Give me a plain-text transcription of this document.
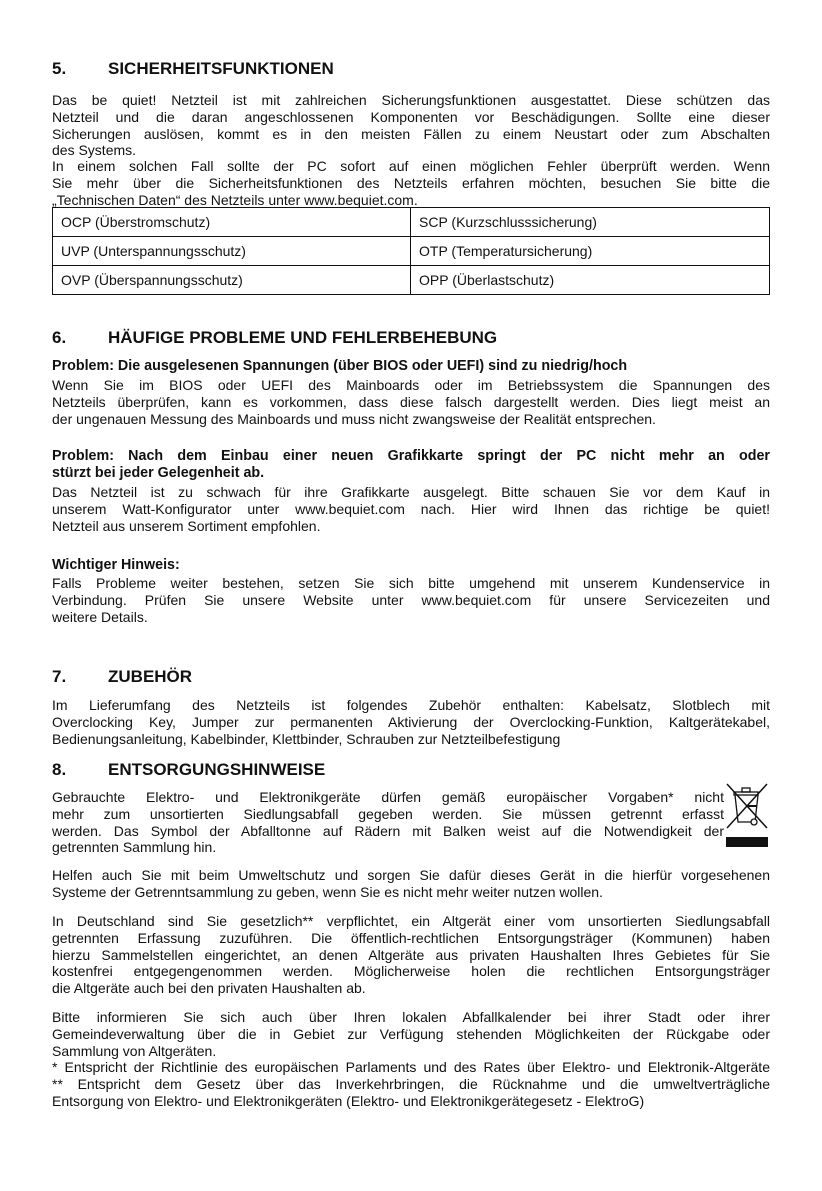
5. SICHERHEITSFUNKTIONEN
6. HÄUFIGE PROBLEME UND FEHLERBEHEBUNG
7. ZUBEHÖR
8. ENTSORGUNGSHINWEISE
OCP (Überstromschutz)	SCP (Kurzschlusssicherung)
UVP (Unterspannungsschutz)	OTP (Temperatursicherung)
OVP (Überspannungsschutz)	OPP (Überlastschutz)
Das be quiet! Netzteil ist mit zahlreichen Sicherungsfunktionen ausgestattet. Diese schützen das
Netzteil und die daran angeschlossenen Komponenten vor Beschädigungen. Sollte eine dieser
Sicherungen auslösen, kommt es in den meisten Fällen zu einem Neustart oder zum Abschalten
des Systems.
In einem solchen Fall sollte der PC sofort auf einen möglichen Fehler überprüft werden. Wenn
Sie mehr über die Sicherheitsfunktionen des Netzteils erfahren möchten, besuchen Sie bitte die
„Technischen Daten“ des Netzteils unter www.bequiet.com.
Problem: Die ausgelesenen Spannungen (über BIOS oder UEFI) sind zu niedrig/hoch
Wenn Sie im BIOS oder UEFI des Mainboards oder im Betriebssystem die Spannungen des
Netzteils überprüfen, kann es vorkommen, dass diese falsch dargestellt werden. Dies liegt meist an
der ungenauen Messung des Mainboards und muss nicht zwangsweise der Realität entsprechen.
Problem: Nach dem Einbau einer neuen Grafikkarte springt der PC nicht mehr an oder
stürzt bei jeder Gelegenheit ab.
Das Netzteil ist zu schwach für ihre Grafikkarte ausgelegt. Bitte schauen Sie vor dem Kauf in
unserem Watt-Konfigurator unter www.bequiet.com nach. Hier wird Ihnen das richtige be quiet!
Netzteil aus unserem Sortiment empfohlen.
Wichtiger Hinweis:
Falls Probleme weiter bestehen, setzen Sie sich bitte umgehend mit unserem Kundenservice in
Verbindung. Prüfen Sie unsere Website unter www.bequiet.com für unsere Servicezeiten und
weitere Details.
Im Lieferumfang des Netzteils ist folgendes Zubehör enthalten: Kabelsatz, Slotblech mit
Overclocking Key, Jumper zur permanenten Aktivierung der Overclocking-Funktion, Kaltgerätekabel,
Bedienungsanleitung, Kabelbinder, Klettbinder, Schrauben zur Netzteilbefestigung
Gebrauchte Elektro- und Elektronikgeräte dürfen gemäß europäischer Vorgaben* nicht
mehr zum unsortierten Siedlungsabfall gegeben werden. Sie müssen getrennt erfasst
werden. Das Symbol der Abfalltonne auf Rädern mit Balken weist auf die Notwendigkeit der
getrennten Sammlung hin.
Helfen auch Sie mit beim Umweltschutz und sorgen Sie dafür dieses Gerät in die hierfür vorgesehenen
Systeme der Getrenntsammlung zu geben, wenn Sie es nicht mehr weiter nutzen wollen.
In Deutschland sind Sie gesetzlich** verpflichtet, ein Altgerät einer vom unsortierten Siedlungsabfall
getrennten Erfassung zuzuführen. Die öffentlich-rechtlichen Entsorgungsträger (Kommunen) haben
hierzu Sammelstellen eingerichtet, an denen Altgeräte aus privaten Haushalten Ihres Gebietes für Sie
kostenfrei entgegengenommen werden. Möglicherweise holen die rechtlichen Entsorgungsträger
die Altgeräte auch bei den privaten Haushalten ab.
Bitte informieren Sie sich auch über Ihren lokalen Abfallkalender bei ihrer Stadt oder ihrer
Gemeindeverwaltung über die in Gebiet zur Verfügung stehenden Möglichkeiten der Rückgabe oder
Sammlung von Altgeräten.
* Entspricht der Richtlinie des europäischen Parlaments und des Rates über Elektro- und Elektronik-Altgeräte
** Entspricht dem Gesetz über das Inverkehrbringen, die Rücknahme und die umweltverträgliche
Entsorgung von Elektro- und Elektronikgeräten (Elektro- und Elektronikgerätegesetz - ElektroG)
